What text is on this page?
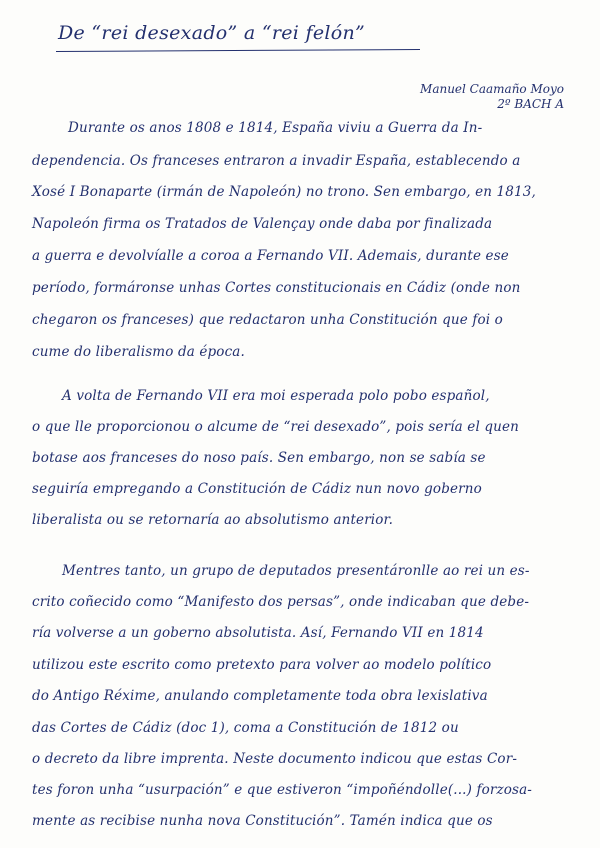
De “rei desexado” a “rei felón”
Manuel Caamaño Moyo
2º BACH A
Durante os anos 1808 e 1814, España viviu a Guerra da In-
dependencia. Os franceses entraron a invadir España, establecendo a
Xosé I Bonaparte (irmán de Napoleón) no trono. Sen embargo, en 1813,
Napoleón firma os Tratados de Valençay onde daba por finalizada
a guerra e devolvíalle a coroa a Fernando VII. Ademais, durante ese
período, formáronse unhas Cortes constitucionais en Cádiz (onde non
chegaron os franceses) que redactaron unha Constitución que foi o
cume do liberalismo da época.
A volta de Fernando VII era moi esperada polo pobo español,
o que lle proporcionou o alcume de “rei desexado”, pois sería el quen
botase aos franceses do noso país. Sen embargo, non se sabía se
seguiría empregando a Constitución de Cádiz nun novo goberno
liberalista ou se retornaría ao absolutismo anterior.
Mentres tanto, un grupo de deputados presentáronlle ao rei un es-
crito coñecido como “Manifesto dos persas”, onde indicaban que debe-
ría volverse a un goberno absolutista. Así, Fernando VII en 1814
utilizou este escrito como pretexto para volver ao modelo político
do Antigo Réxime, anulando completamente toda obra lexislativa
das Cortes de Cádiz (doc 1), coma a Constitución de 1812 ou
o decreto da libre imprenta. Neste documento indicou que estas Cor-
tes foron unha “usurpación” e que estiveron “impoñéndolle(...) forzosa-
mente as recibise nunha nova Constitución”. Tamén indica que os
